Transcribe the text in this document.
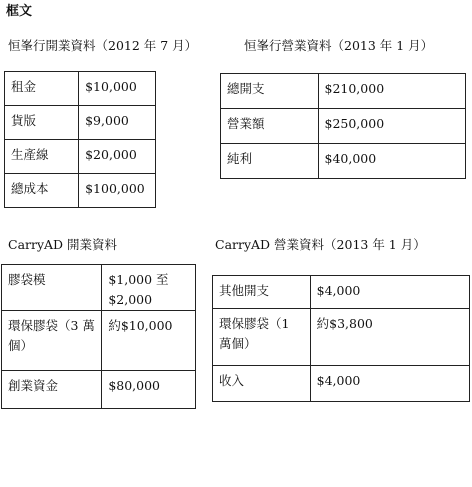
框文
恒峯行開業資料（2012 年 7 月）
租金	$10,000
貨版	$9,000
生產線	$20,000
總成本	$100,000
恒峯行營業資料（2013 年 1 月）
總開支	$210,000
營業額	$250,000
純利	$40,000
CarryAD 開業資料
膠袋模	$1,000 至$2,000
環保膠袋（3 萬個）	約$10,000
創業資金	$80,000
CarryAD 營業資料（2013 年 1 月）
其他開支	$4,000
環保膠袋（1 萬個）	約$3,800
收入	$4,000
